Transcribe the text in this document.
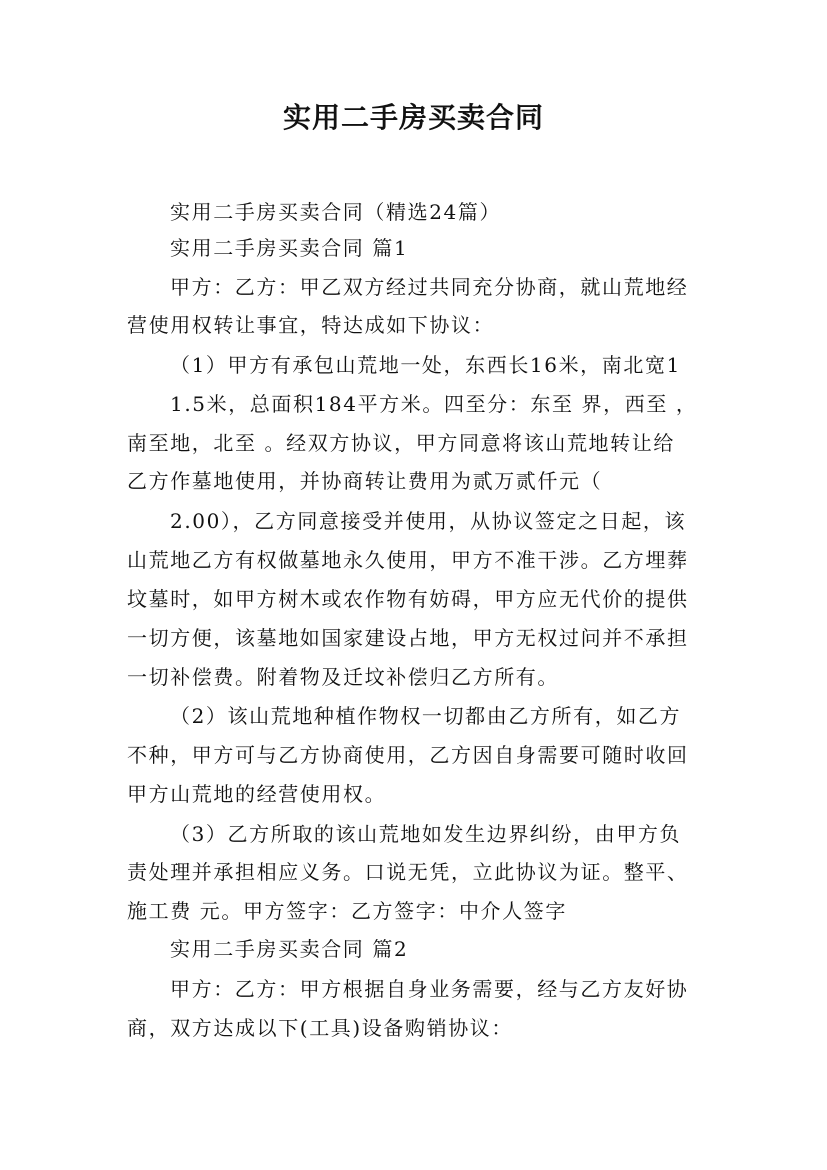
实用二手房买卖合同
实用二手房买卖合同（精选24篇）
实用二手房买卖合同 篇1
甲方：乙方：甲乙双方经过共同充分协商，就山荒地经
营使用权转让事宜，特达成如下协议：
（1）甲方有承包山荒地一处，东西长16米，南北宽1
1.5米，总面积184平方米。四至分：东至 界，西至 ，
南至地，北至 。经双方协议，甲方同意将该山荒地转让给
乙方作墓地使用，并协商转让费用为贰万贰仟元（
2.00），乙方同意接受并使用，从协议签定之日起，该
山荒地乙方有权做墓地永久使用，甲方不准干涉。乙方埋葬
坟墓时，如甲方树木或农作物有妨碍，甲方应无代价的提供
一切方便，该墓地如国家建设占地，甲方无权过问并不承担
一切补偿费。附着物及迁坟补偿归乙方所有。
（2）该山荒地种植作物权一切都由乙方所有，如乙方
不种，甲方可与乙方协商使用，乙方因自身需要可随时收回
甲方山荒地的经营使用权。
（3）乙方所取的该山荒地如发生边界纠纷，由甲方负
责处理并承担相应义务。口说无凭，立此协议为证。整平、
施工费 元。甲方签字：乙方签字：中介人签字
实用二手房买卖合同 篇2
甲方：乙方：甲方根据自身业务需要，经与乙方友好协
商，双方达成以下(工具)设备购销协议：
